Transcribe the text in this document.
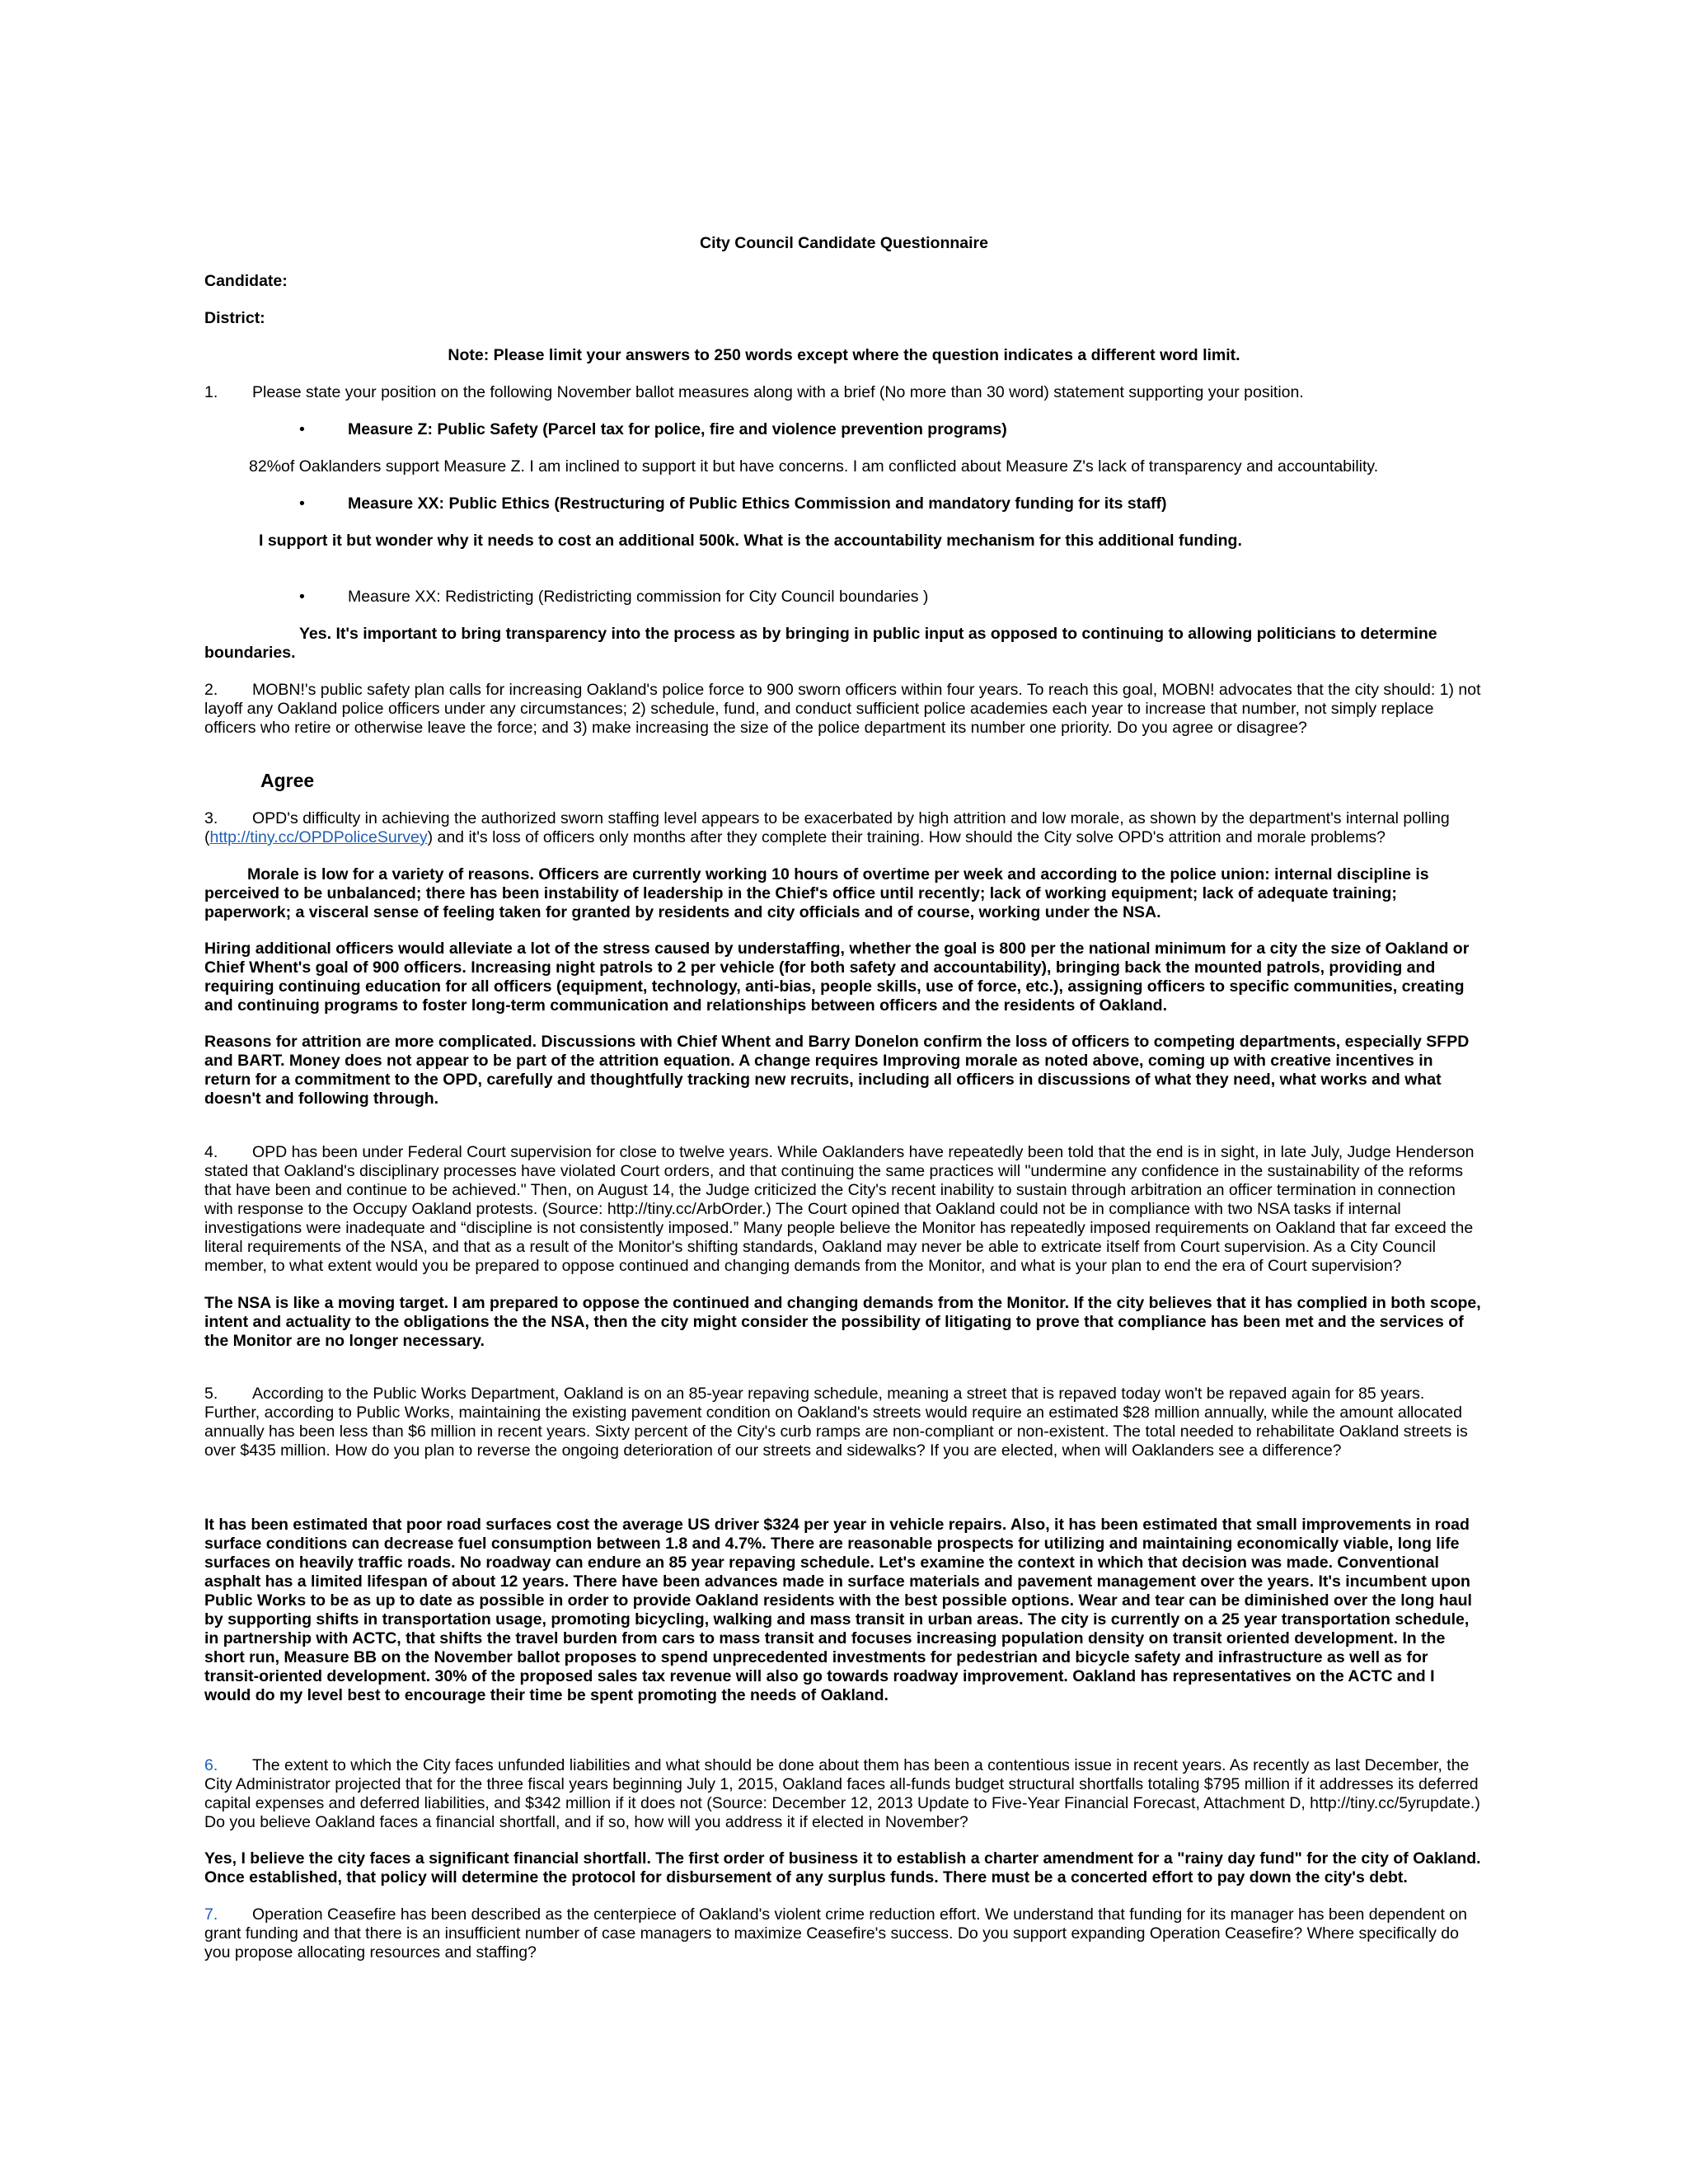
City Council Candidate Questionnaire

Candidate:

District:

Note: Please limit your answers to 250 words except where the question indicates a different word limit.

1. Please state your position on the following November ballot measures along with a brief (No more than 30 word) statement supporting your position.

•	Measure Z: Public Safety (Parcel tax for police, fire and violence prevention programs)

82%of Oaklanders support Measure Z. I am inclined to support it but have concerns. I am conflicted about Measure Z's lack of transparency and accountability.

•	Measure XX: Public Ethics (Restructuring of Public Ethics Commission and mandatory funding for its staff)

I support it but wonder why it needs to cost an additional 500k. What is the accountability mechanism for this additional funding.

•	Measure XX: Redistricting (Redistricting commission for City Council boundaries )

Yes. It's important to bring transparency into the process as by bringing in public input as opposed to continuing to allowing politicians to determine

boundaries.

2. MOBN!'s public safety plan calls for increasing Oakland's police force to 900 sworn officers within four years. To reach this goal, MOBN! advocates that the city should: 1) not layoff any Oakland police officers under any circumstances; 2) schedule, fund, and conduct sufficient police academies each year to increase that number, not simply replace officers who retire or otherwise leave the force; and 3) make increasing the size of the police department its number one priority. Do you agree or disagree?

Agree

3. OPD's difficulty in achieving the authorized sworn staffing level appears to be exacerbated by high attrition and low morale, as shown by the department's internal polling (http://tiny.cc/OPDPoliceSurvey) and it's loss of officers only months after they complete their training. How should the City solve OPD's attrition and morale problems?

Morale is low for a variety of reasons. Officers are currently working 10 hours of overtime per week and according to the police union: internal discipline is perceived to be unbalanced; there has been instability of leadership in the Chief's office until recently; lack of working equipment; lack of adequate training; paperwork; a visceral sense of feeling taken for granted by residents and city officials and of course, working under the NSA.

Hiring additional officers would alleviate a lot of the stress caused by understaffing, whether the goal is 800 per the national minimum for a city the size of Oakland or Chief Whent's goal of 900 officers. Increasing night patrols to 2 per vehicle (for both safety and accountability), bringing back the mounted patrols, providing and requiring continuing education for all officers (equipment, technology, anti-bias, people skills, use of force, etc.), assigning officers to specific communities, creating and continuing programs to foster long-term communication and relationships between officers and the residents of Oakland.

Reasons for attrition are more complicated. Discussions with Chief Whent and Barry Donelon confirm the loss of officers to competing departments, especially SFPD and BART. Money does not appear to be part of the attrition equation. A change requires Improving morale as noted above, coming up with creative incentives in return for a commitment to the OPD, carefully and thoughtfully tracking new recruits, including all officers in discussions of what they need, what works and what doesn't and following through.

4. OPD has been under Federal Court supervision for close to twelve years. While Oaklanders have repeatedly been told that the end is in sight, in late July, Judge Henderson stated that Oakland's disciplinary processes have violated Court orders, and that continuing the same practices will "undermine any confidence in the sustainability of the reforms that have been and continue to be achieved." Then, on August 14, the Judge criticized the City's recent inability to sustain through arbitration an officer termination in connection with response to the Occupy Oakland protests. (Source: http://tiny.cc/ArbOrder.) The Court opined that Oakland could not be in compliance with two NSA tasks if internal investigations were inadequate and “discipline is not consistently imposed.” Many people believe the Monitor has repeatedly imposed requirements on Oakland that far exceed the literal requirements of the NSA, and that as a result of the Monitor's shifting standards, Oakland may never be able to extricate itself from Court supervision. As a City Council member, to what extent would you be prepared to oppose continued and changing demands from the Monitor, and what is your plan to end the era of Court supervision?

The NSA is like a moving target. I am prepared to oppose the continued and changing demands from the Monitor. If the city believes that it has complied in both scope, intent and actuality to the obligations the the NSA, then the city might consider the possibility of litigating to prove that compliance has been met and the services of the Monitor are no longer necessary.

5. According to the Public Works Department, Oakland is on an 85-year repaving schedule, meaning a street that is repaved today won't be repaved again for 85 years. Further, according to Public Works, maintaining the existing pavement condition on Oakland's streets would require an estimated $28 million annually, while the amount allocated annually has been less than $6 million in recent years. Sixty percent of the City's curb ramps are non-compliant or non-existent. The total needed to rehabilitate Oakland streets is over $435 million. How do you plan to reverse the ongoing deterioration of our streets and sidewalks? If you are elected, when will Oaklanders see a difference?

It has been estimated that poor road surfaces cost the average US driver $324 per year in vehicle repairs. Also, it has been estimated that small improvements in road surface conditions can decrease fuel consumption between 1.8 and 4.7%. There are reasonable prospects for utilizing and maintaining economically viable, long life surfaces on heavily traffic roads. No roadway can endure an 85 year repaving schedule. Let's examine the context in which that decision was made. Conventional asphalt has a limited lifespan of about 12 years. There have been advances made in surface materials and pavement management over the years. It's incumbent upon Public Works to be as up to date as possible in order to provide Oakland residents with the best possible options. Wear and tear can be diminished over the long haul by supporting shifts in transportation usage, promoting bicycling, walking and mass transit in urban areas. The city is currently on a 25 year transportation schedule, in partnership with ACTC, that shifts the travel burden from cars to mass transit and focuses increasing population density on transit oriented development. In the short run, Measure BB on the November ballot proposes to spend unprecedented investments for pedestrian and bicycle safety and infrastructure as well as for transit-oriented development. 30% of the proposed sales tax revenue will also go towards roadway improvement. Oakland has representatives on the ACTC and I would do my level best to encourage their time be spent promoting the needs of Oakland.

6. The extent to which the City faces unfunded liabilities and what should be done about them has been a contentious issue in recent years. As recently as last December, the City Administrator projected that for the three fiscal years beginning July 1, 2015, Oakland faces all-funds budget structural shortfalls totaling $795 million if it addresses its deferred capital expenses and deferred liabilities, and $342 million if it does not (Source: December 12, 2013 Update to Five-Year Financial Forecast, Attachment D, http://tiny.cc/5yrupdate.) Do you believe Oakland faces a financial shortfall, and if so, how will you address it if elected in November?

Yes, I believe the city faces a significant financial shortfall. The first order of business it to establish a charter amendment for a "rainy day fund" for the city of Oakland. Once established, that policy will determine the protocol for disbursement of any surplus funds. There must be a concerted effort to pay down the city's debt.

7. Operation Ceasefire has been described as the centerpiece of Oakland's violent crime reduction effort. We understand that funding for its manager has been dependent on grant funding and that there is an insufficient number of case managers to maximize Ceasefire's success. Do you support expanding Operation Ceasefire? Where specifically do you propose allocating resources and staffing?
